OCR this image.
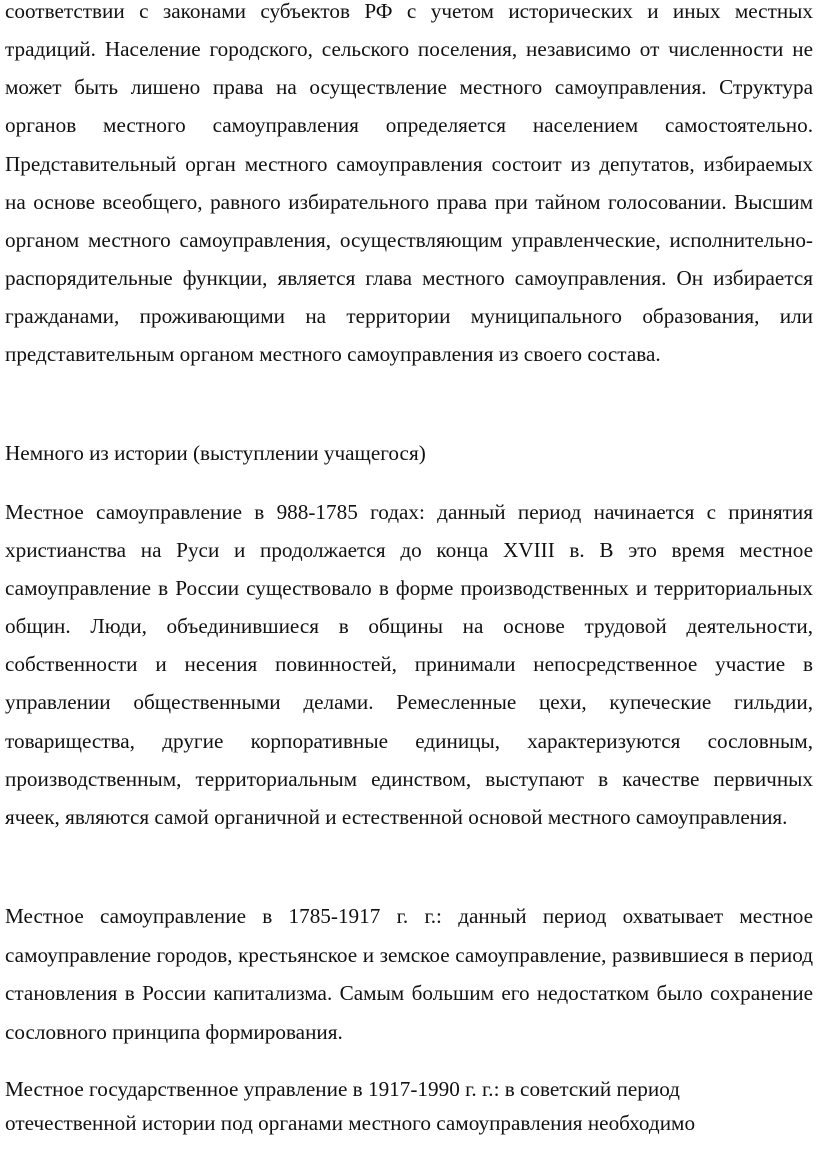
соответствии с законами субъектов РФ с учетом исторических и иных местных традиций. Население городского, сельского поселения, независимо от численности не может быть лишено права на осуществление местного самоуправления. Структура органов местного самоуправления определяется населением самостоятельно. Представительный орган местного самоуправления состоит из депутатов, избираемых на основе всеобщего, равного избирательного права при тайном голосовании. Высшим органом местного самоуправления, осуществляющим управленческие, исполнительно-распорядительные функции, является глава местного самоуправления. Он избирается гражданами, проживающими на территории муниципального образования, или представительным органом местного самоуправления из своего состава.

Немного из истории (выступлении учащегося)

Местное самоуправление в 988-1785 годах: данный период начинается с принятия христианства на Руси и продолжается до конца XVIII в. В это время местное самоуправление в России существовало в форме производственных и территориальных общин. Люди, объединившиеся в общины на основе трудовой деятельности, собственности и несения повинностей, принимали непосредственное участие в управлении общественными делами. Ремесленные цехи, купеческие гильдии, товарищества, другие корпоративные единицы, характеризуются сословным, производственным, территориальным единством, выступают в качестве первичных ячеек, являются самой органичной и естественной основой местного самоуправления.

Местное самоуправление в 1785-1917 г. г.: данный период охватывает местное самоуправление городов, крестьянское и земское самоуправление, развившиеся в период становления в России капитализма. Самым большим его недостатком было сохранение сословного принципа формирования.

Местное государственное управление в 1917-1990 г. г.: в советский период отечественной истории под органами местного самоуправления необходимо
